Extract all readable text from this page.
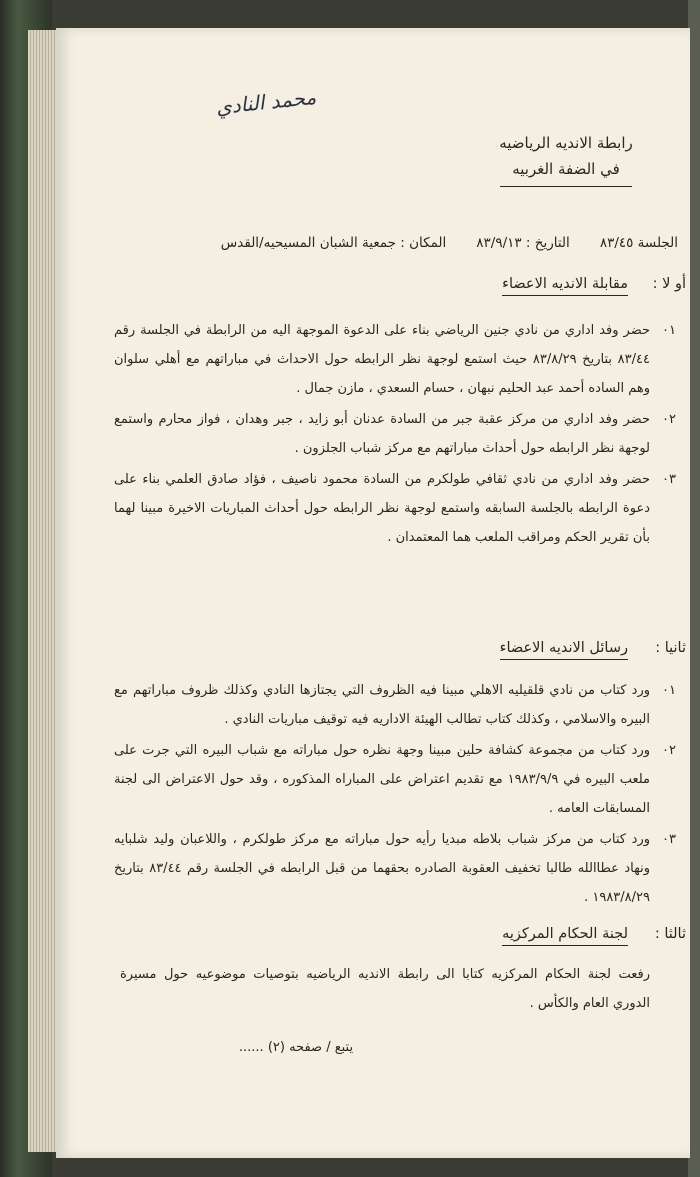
محمد النادي
رابطة الانديه الرياضيه
في الضفة الغربيه
الجلسة ٨٣/٤٥
التاريخ : ٨٣/٩/١٣
المكان : جمعية الشبان المسيحيه/القدس
أو لا :مقابلة الانديه الاعضاء
٠١
حضر وفد اداري من نادي جنين الرياضي بناء على الدعوة الموجهة اليه من الرابطة في الجلسة رقم ٨٣/٤٤ بتاريخ ٨٣/٨/٢٩ حيث استمع لوجهة نظر الرابطه حول الاحداث في مباراتهم مع أهلي سلوان وهم الساده أحمد عبد الحليم نبهان ، حسام السعدي ، مازن جمال .
٠٢
حضر وفد اداري من مركز عقبة جبر من السادة عدنان أبو زايد ، جبر وهدان ، فواز محارم واستمع لوجهة نظر الرابطه حول أحداث مباراتهم مع مركز شباب الجلزون .
٠٣
حضر وفد اداري من نادي ثقافي طولكرم من السادة محمود ناصيف ، فؤاد صادق العلمي بناء على دعوة الرابطه بالجلسة السابقه واستمع لوجهة نظر الرابطه حول أحداث المباريات الاخيرة مبينا لهما بأن تقرير الحكم ومراقب الملعب هما المعتمدان .
ثانيا :رسائل الانديه الاعضاء
٠١
ورد كتاب من نادي قلقيليه الاهلي مبينا فيه الظروف التي يجتازها النادي وكذلك ظروف مباراتهم مع البيره والاسلامي ، وكذلك كتاب تطالب الهيئة الاداريه فيه توقيف مباريات النادي .
٠٢
ورد كتاب من مجموعة كشافة حلين مبينا وجهة نظره حول مباراته مع شباب البيره التي جرت على ملعب البيره في ١٩٨٣/٩/٩ مع تقديم اعتراض على المباراه المذكوره ، وقد حول الاعتراض الى لجنة المسابقات العامه .
٠٣
ورد كتاب من مركز شباب بلاطه مبديا رأيه حول مباراته مع مركز طولكرم ، واللاعبان وليد شلبايه ونهاد عطاالله طالبا تخفيف العقوبة الصادره بحقهما من قبل الرابطه في الجلسة رقم ٨٣/٤٤ بتاريخ ١٩٨٣/٨/٢٩ .
ثالثا :لجنة الحكام المركزيه
رفعت لجنة الحكام المركزيه كتابا الى رابطة الانديه الرياضيه بتوصيات موضوعيه حول مسيرة الدوري العام والكأس .
يتبع / صفحه (٢) ......
